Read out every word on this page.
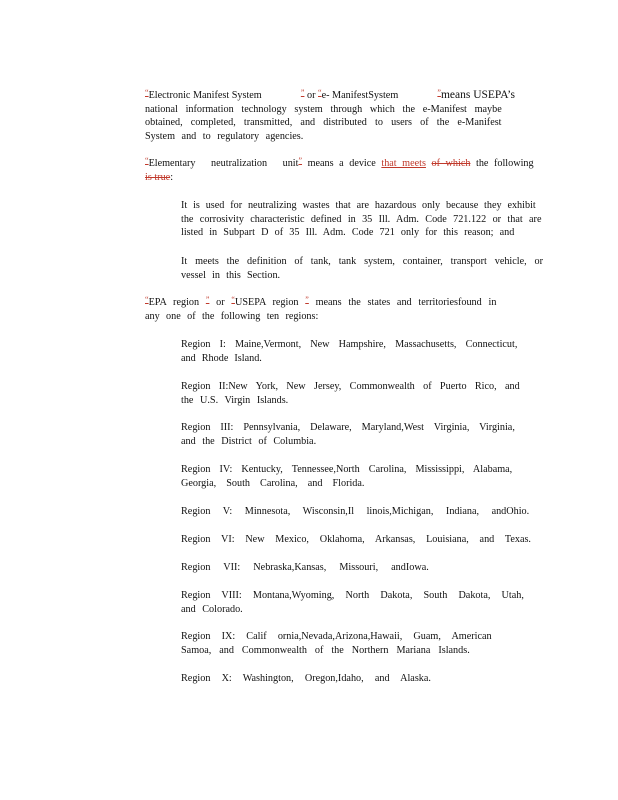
“Electronic Manifest System	” or “e- ManifestSystem	”means USEPA’s
national information technology system through which the e-Manifest maybe
obtained, completed, transmitted, and distributed to users of the e-Manifest
System and to regulatory agencies.
“Elementary neutralization unit” means a device that meets of which the following
is true:
It is used for neutralizing wastes that are hazardous only because they exhibit
the corrosivity characteristic defined in 35 Ill. Adm. Code 721.122 or that are
listed in Subpart D of 35 Ill. Adm. Code 721 only for this reason; and
It meets the definition of tank, tank system, container, transport vehicle, or
vessel in this Section.
“EPA region ” or “USEPA region ” means the states and territoriesfound in
any one of the following ten regions:
Region I: Maine,Vermont, New Hampshire, Massachusetts, Connecticut,
and Rhode Island.
Region II:New York, New Jersey, Commonwealth of Puerto Rico, and
the U.S. Virgin Islands.
Region III: Pennsylvania, Delaware, Maryland,West Virginia, Virginia,
and the District of Columbia.
Region IV: Kentucky, Tennessee,North Carolina, Mississippi, Alabama,
Georgia, South Carolina, and Florida.
Region V: Minnesota, Wisconsin,Il linois,Michigan, Indiana, andOhio.
Region VI: New Mexico, Oklahoma, Arkansas, Louisiana, and Texas.
Region VII: Nebraska,Kansas, Missouri, andIowa.
Region VIII: Montana,Wyoming, North Dakota, South Dakota, Utah,
and Colorado.
Region IX: Calif ornia,Nevada,Arizona,Hawaii, Guam, American
Samoa, and Commonwealth of the Northern Mariana Islands.
Region X: Washington, Oregon,Idaho, and Alaska.
